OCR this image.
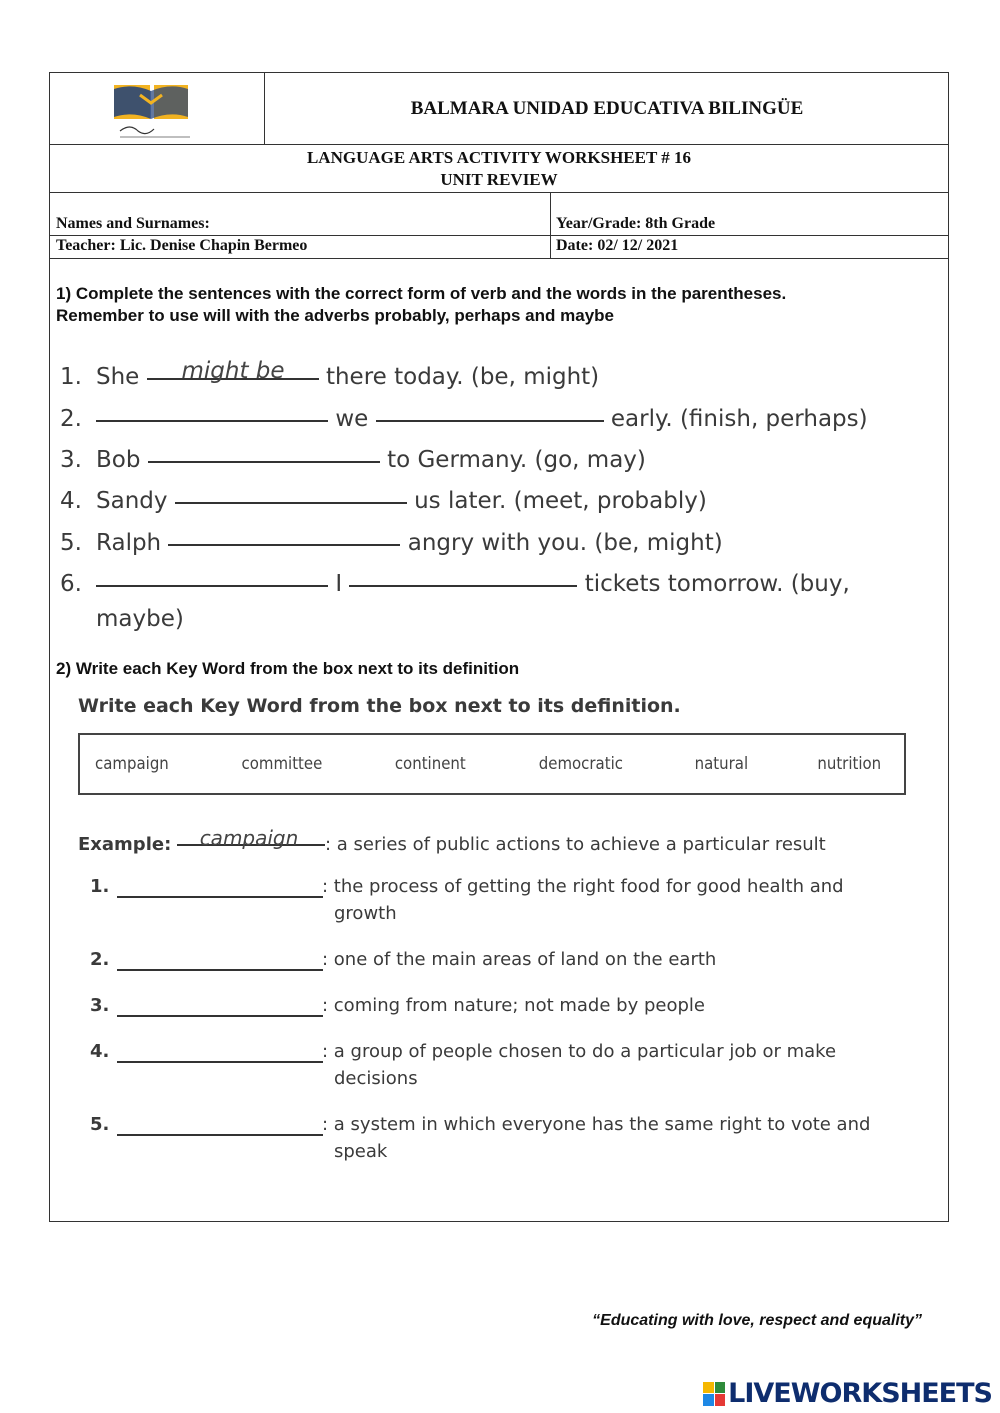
BALMARA UNIDAD EDUCATIVA BILINGÜE
LANGUAGE ARTS ACTIVITY WORKSHEET # 16
UNIT REVIEW
Names and Surnames:	Year/Grade: 8th Grade
Teacher: Lic. Denise Chapin Bermeo	Date: 02/ 12/ 2021
1) Complete the sentences with the correct form of verb and the words in the parentheses.
Remember to use will with the adverbs probably, perhaps and maybe
1. She	there today. (be, might)
might be
2.	we	early. (finish, perhaps)
3. Bob	to Germany. (go, may)
4. Sandy	us later. (meet, probably)
5. Ralph	angry with you. (be, might)
6.	I	tickets tomorrow. (buy,
maybe)
2) Write each Key Word from the box next to its definition
Write each Key Word from the box next to its definition.
campaign	committee	continent	democratic	natural	nutrition
Example:	: a series of public actions to achieve a particular result
campaign
1.	: the process of getting the right food for good health and
growth
2.	: one of the main areas of land on the earth
3.	: coming from nature; not made by people
4.	: a group of people chosen to do a particular job or make
decisions
5.	: a system in which everyone has the same right to vote and
speak
“Educating with love, respect and equality”
LIVEWORKSHEETS
